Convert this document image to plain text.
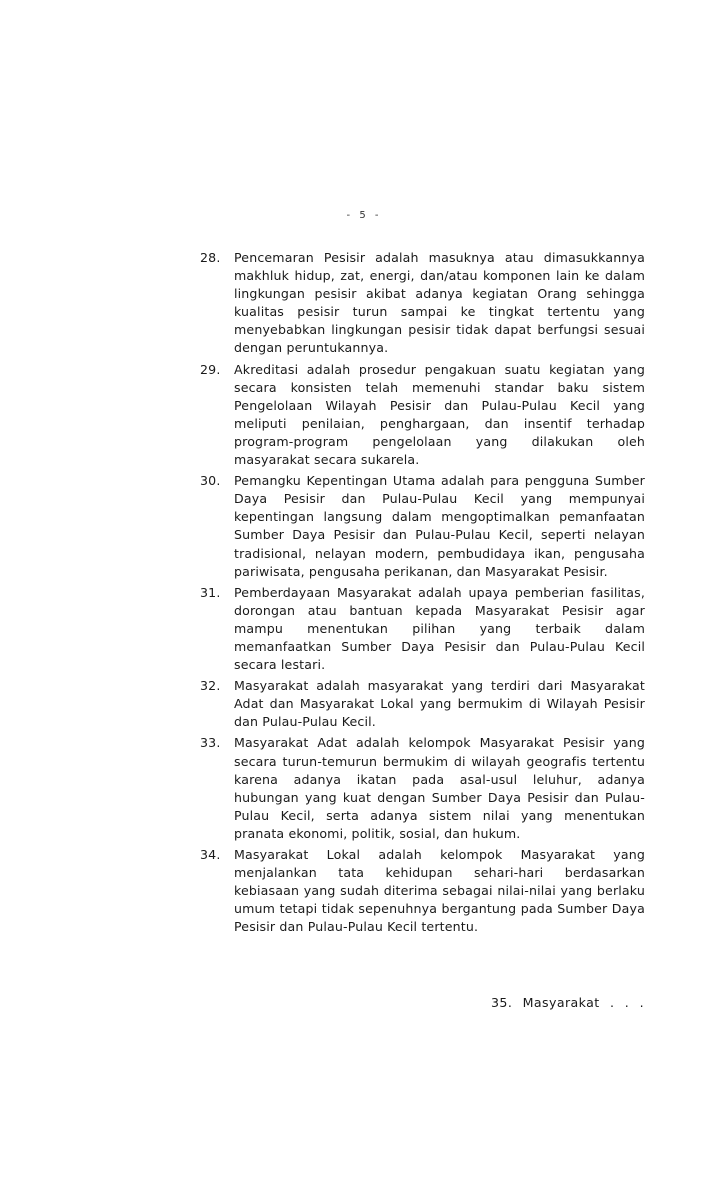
- 5 -
28. Pencemaran Pesisir adalah masuknya atau dimasukkannya makhluk hidup, zat, energi, dan/atau komponen lain ke dalam lingkungan pesisir akibat adanya kegiatan Orang sehingga kualitas pesisir turun sampai ke tingkat tertentu yang menyebabkan lingkungan pesisir tidak dapat berfungsi sesuai dengan peruntukannya.
29. Akreditasi adalah prosedur pengakuan suatu kegiatan yang secara konsisten telah memenuhi standar baku sistem Pengelolaan Wilayah Pesisir dan Pulau-Pulau Kecil yang meliputi penilaian, penghargaan, dan insentif terhadap program-program pengelolaan yang dilakukan oleh masyarakat secara sukarela.
30. Pemangku Kepentingan Utama adalah para pengguna Sumber Daya Pesisir dan Pulau-Pulau Kecil yang mempunyai kepentingan langsung dalam mengoptimalkan pemanfaatan Sumber Daya Pesisir dan Pulau-Pulau Kecil, seperti nelayan tradisional, nelayan modern, pembudidaya ikan, pengusaha pariwisata, pengusaha perikanan, dan Masyarakat Pesisir.
31. Pemberdayaan Masyarakat adalah upaya pemberian fasilitas, dorongan atau bantuan kepada Masyarakat Pesisir agar mampu menentukan pilihan yang terbaik dalam memanfaatkan Sumber Daya Pesisir dan Pulau-Pulau Kecil secara lestari.
32. Masyarakat adalah masyarakat yang terdiri dari Masyarakat Adat dan Masyarakat Lokal yang bermukim di Wilayah Pesisir dan Pulau-Pulau Kecil.
33. Masyarakat Adat adalah kelompok Masyarakat Pesisir yang secara turun-temurun bermukim di wilayah geografis tertentu karena adanya ikatan pada asal-usul leluhur, adanya hubungan yang kuat dengan Sumber Daya Pesisir dan Pulau-Pulau Kecil, serta adanya sistem nilai yang menentukan pranata ekonomi, politik, sosial, dan hukum.
34. Masyarakat Lokal adalah kelompok Masyarakat yang menjalankan tata kehidupan sehari-hari berdasarkan kebiasaan yang sudah diterima sebagai nilai-nilai yang berlaku umum tetapi tidak sepenuhnya bergantung pada Sumber Daya Pesisir dan Pulau-Pulau Kecil tertentu.
35. Masyarakat . . .
